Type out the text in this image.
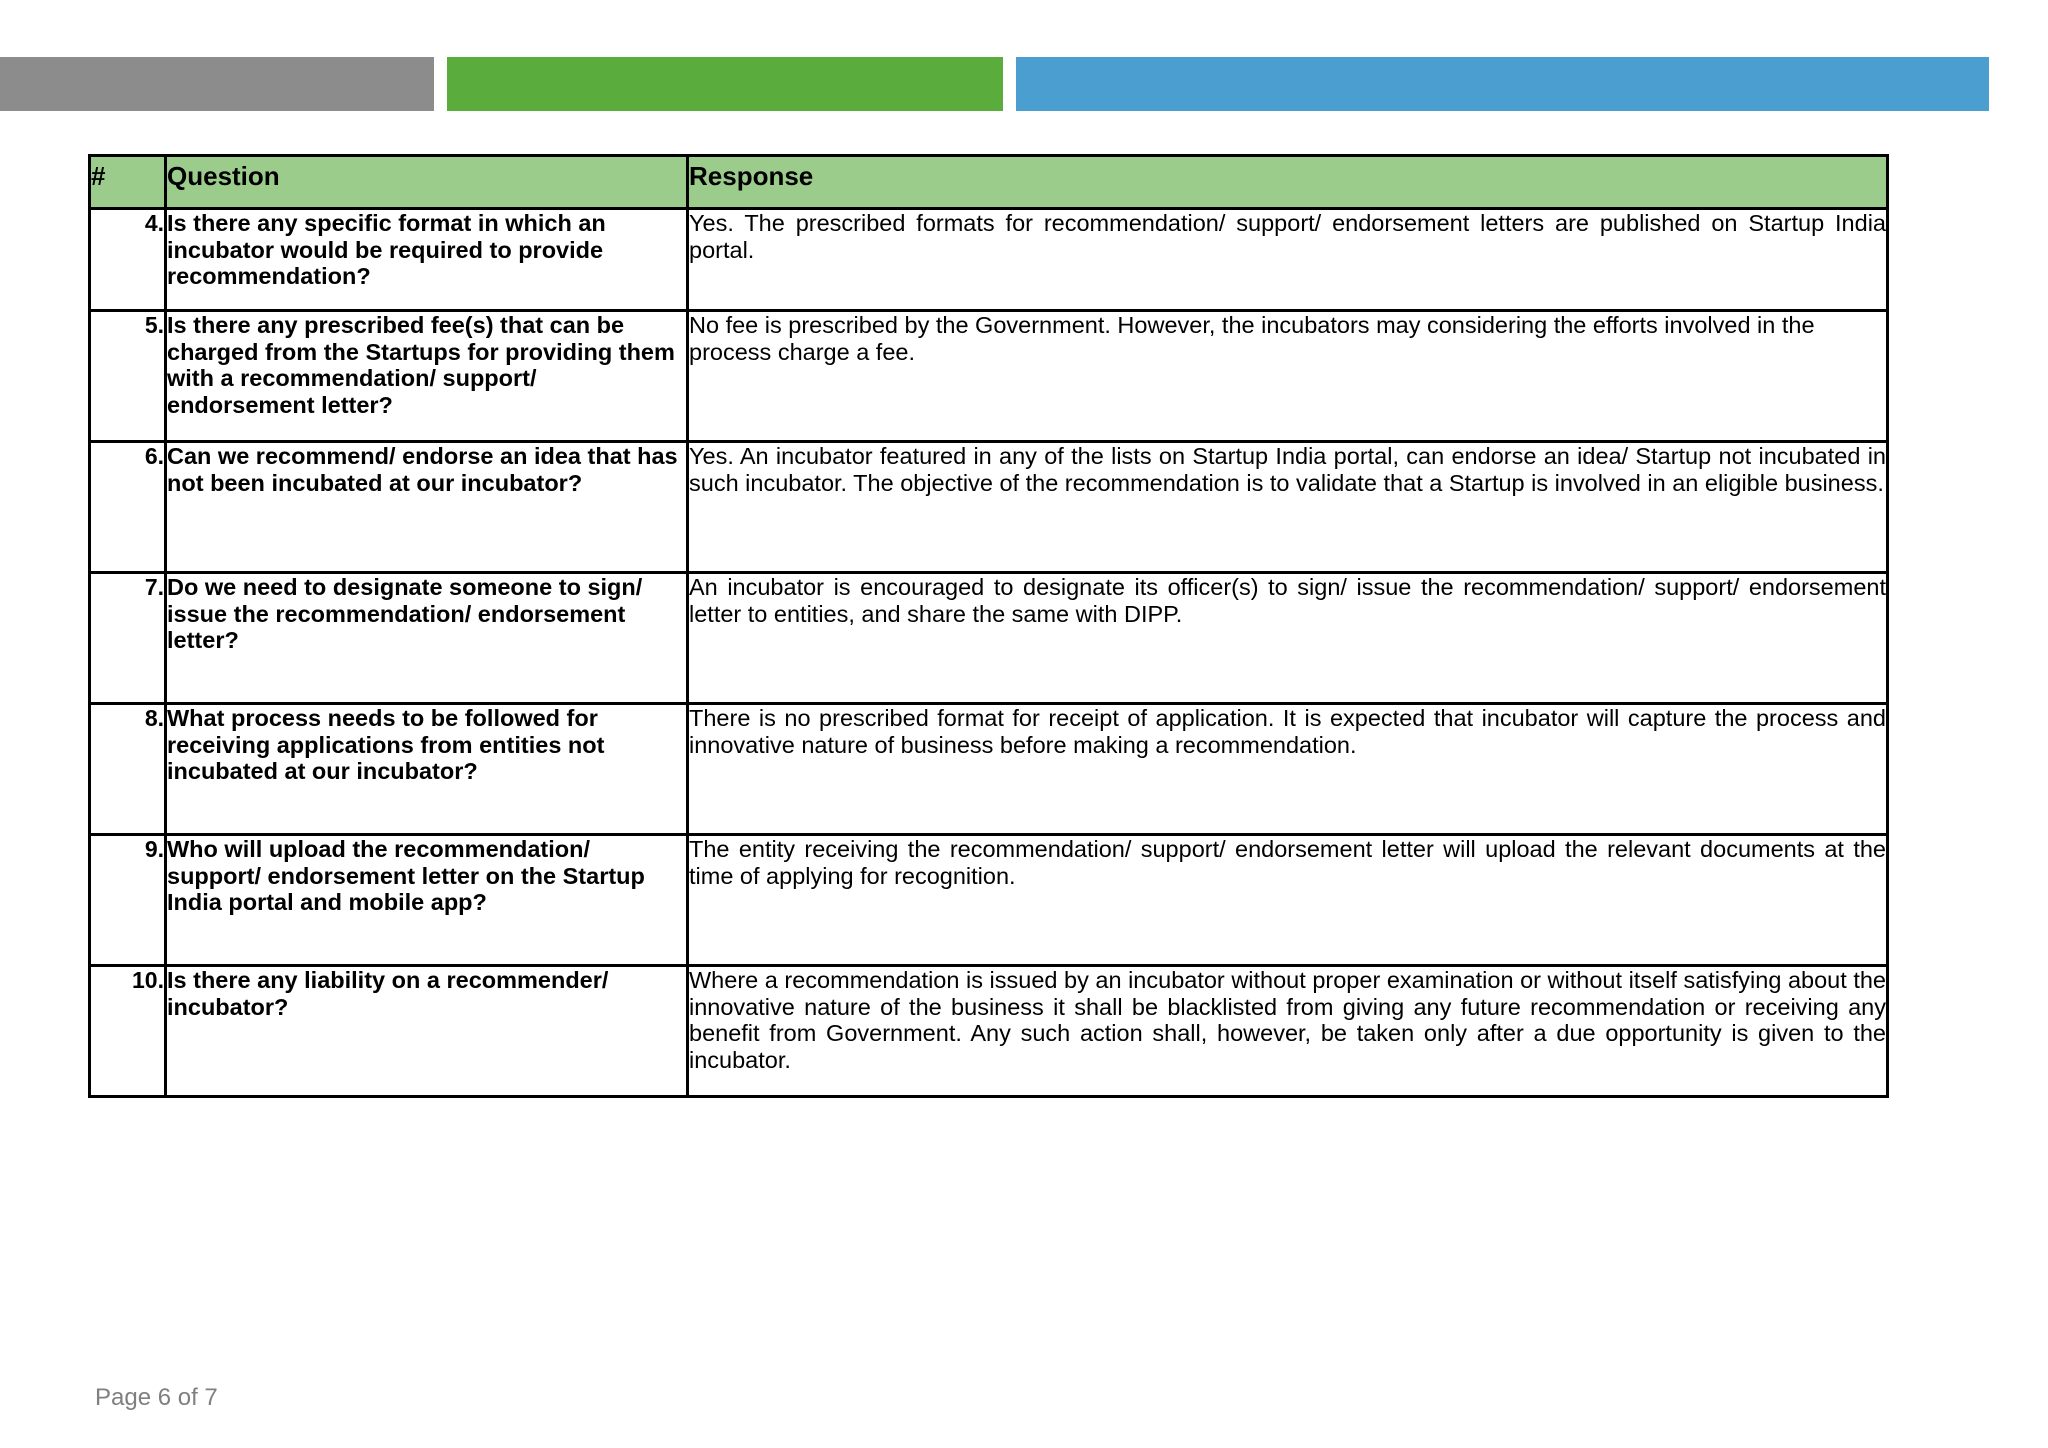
#	Question	Response
4.	Is there any specific format in which an incubator would be required to provide recommendation?	Yes. The prescribed formats for recommendation/ support/ endorsement letters are published on Startup India portal.
5.	Is there any prescribed fee(s) that can be charged from the Startups for providing them with a recommendation/ support/ endorsement letter?	No fee is prescribed by the Government. However, the incubators may considering the efforts involved in the process charge a fee.
6.	Can we recommend/ endorse an idea that has not been incubated at our incubator?	Yes. An incubator featured in any of the lists on Startup India portal, can endorse an idea/ Startup not incubated in such incubator. The objective of the recommendation is to validate that a Startup is involved in an eligible business.
7.	Do we need to designate someone to sign/ issue the recommendation/ endorsement letter?	An incubator is encouraged to designate its officer(s) to sign/ issue the recommendation/ support/ endorsement letter to entities, and share the same with DIPP.
8.	What process needs to be followed for receiving applications from entities not incubated at our incubator?	There is no prescribed format for receipt of application. It is expected that incubator will capture the process and innovative nature of business before making a recommendation.
9.	Who will upload the recommendation/ support/ endorsement letter on the Startup India portal and mobile app?	The entity receiving the recommendation/ support/ endorsement letter will upload the relevant documents at the time of applying for recognition.
10.	Is there any liability on a recommender/ incubator?	Where a recommendation is issued by an incubator without proper examination or without itself satisfying about the innovative nature of the business it shall be blacklisted from giving any future recommendation or receiving any benefit from Government. Any such action shall, however, be taken only after a due opportunity is given to the incubator.
Page 6 of 7
